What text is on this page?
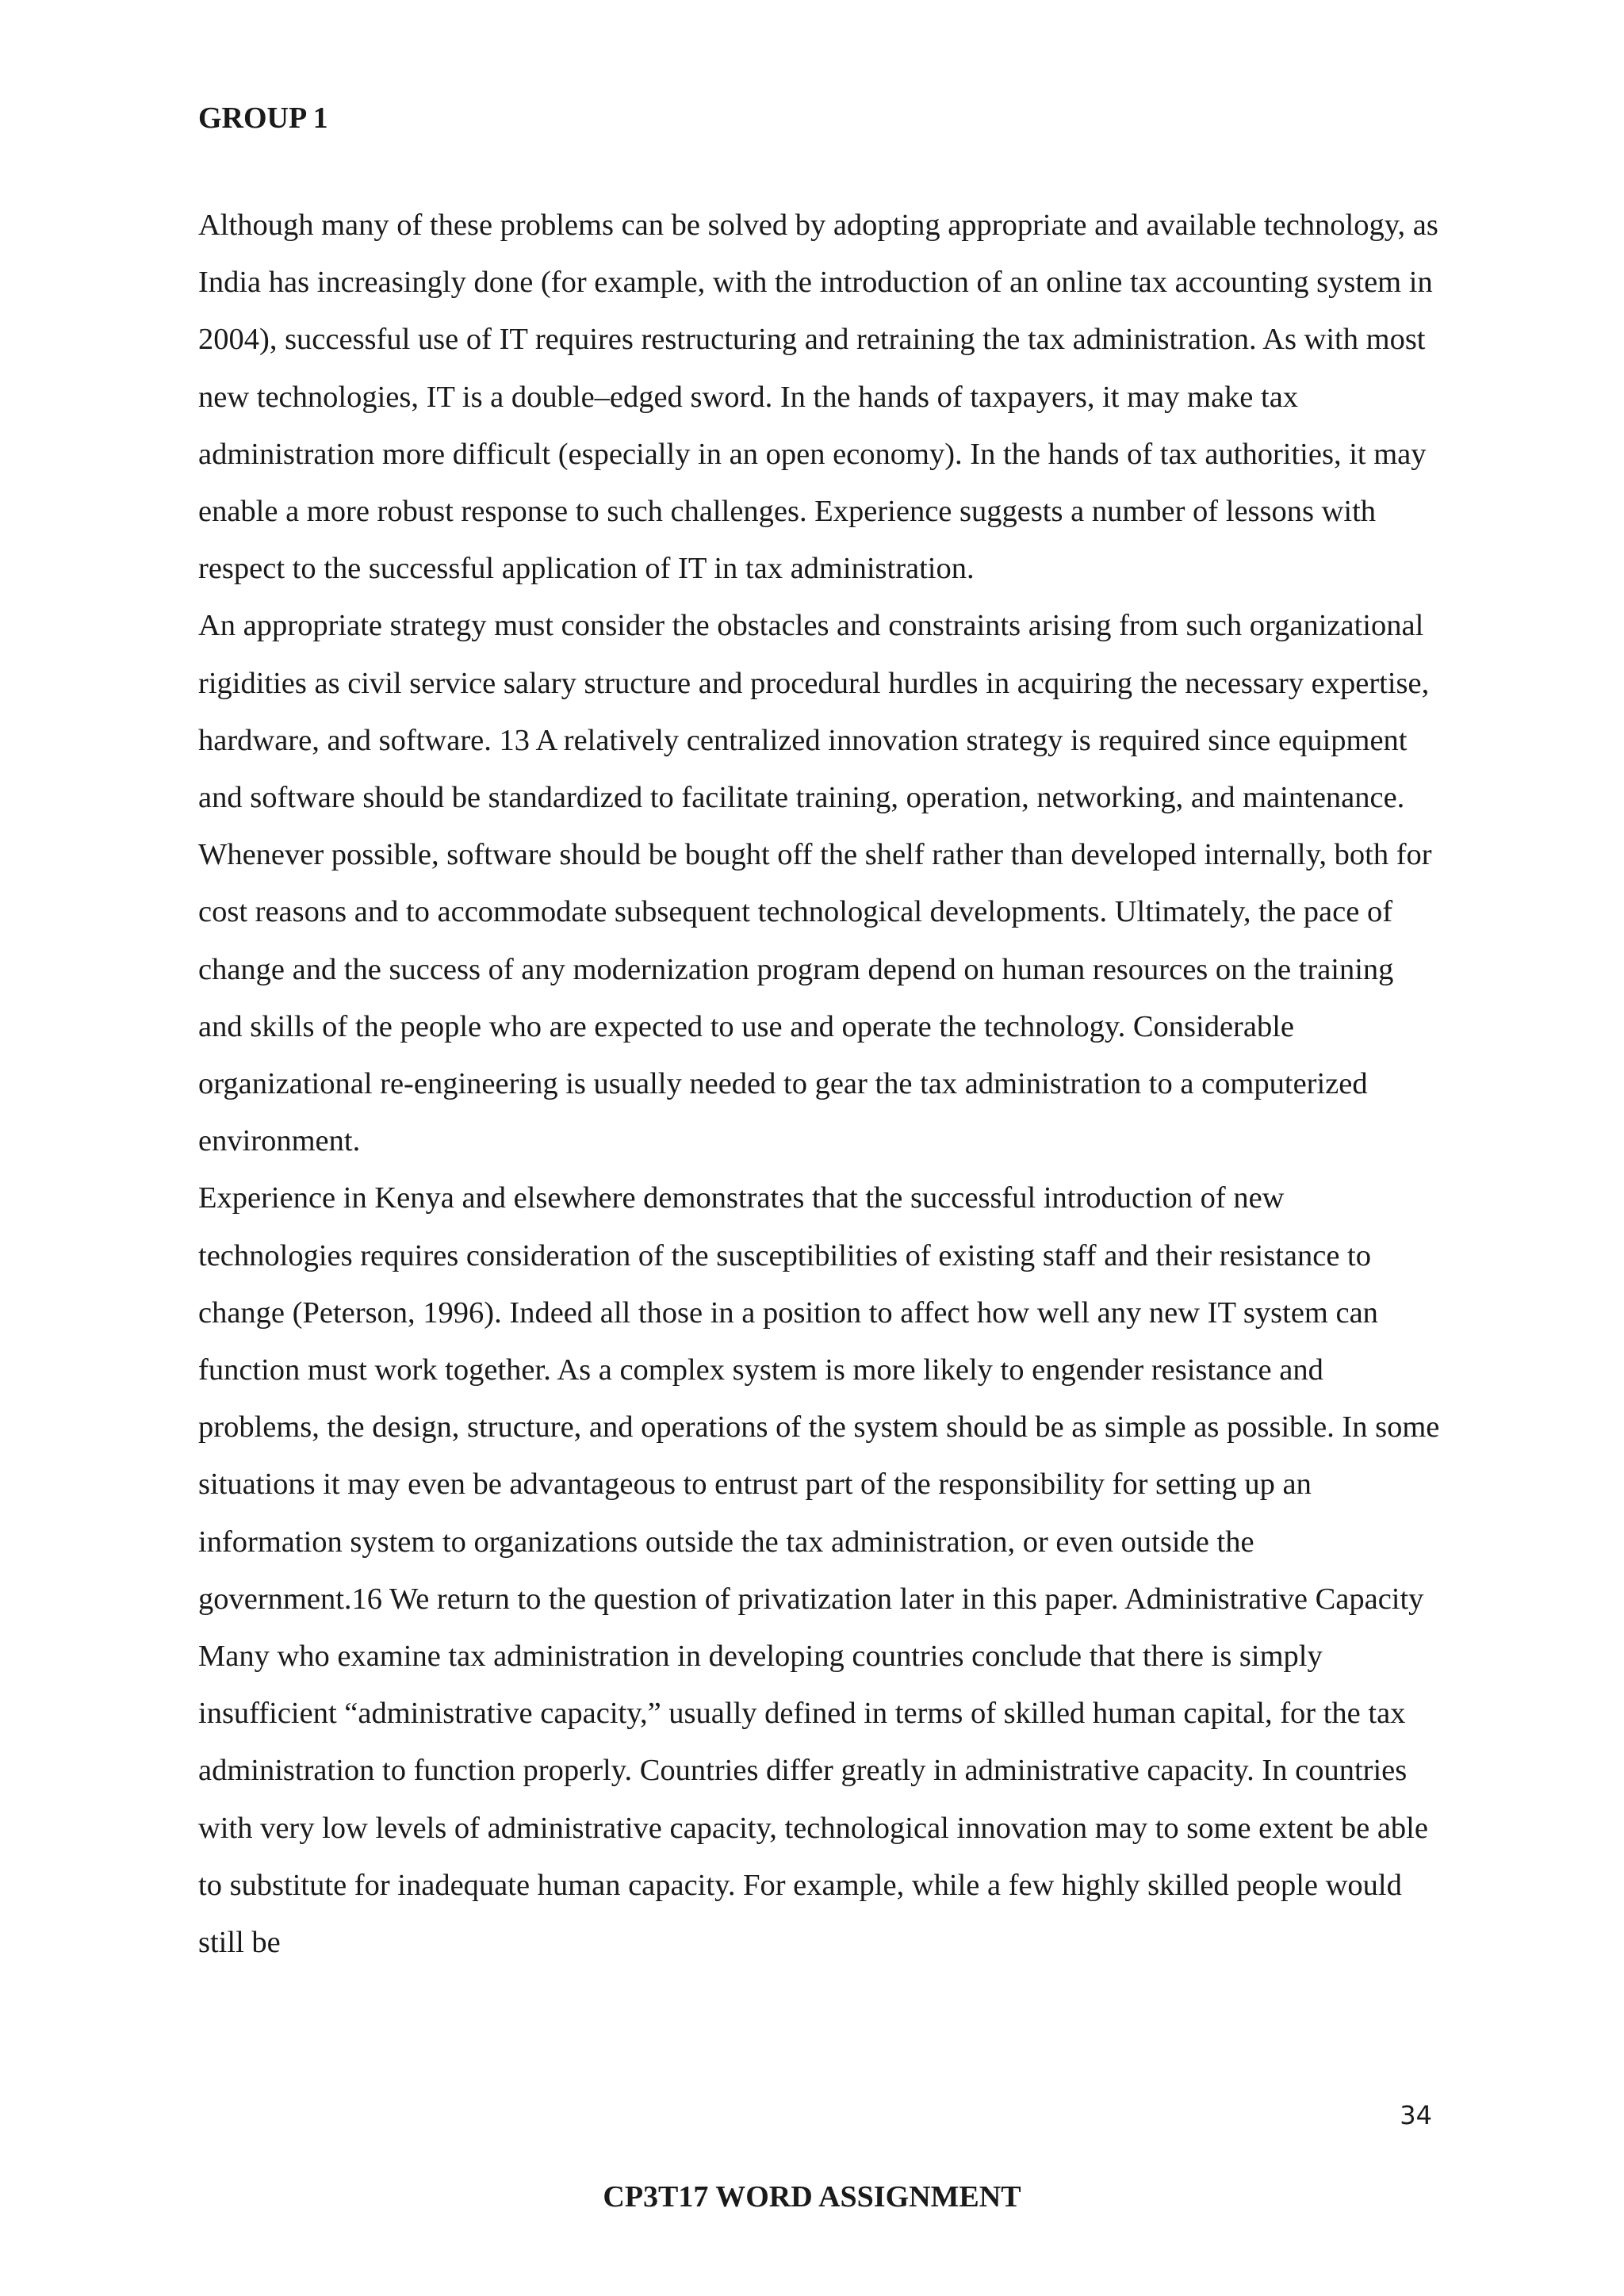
GROUP 1

Although many of these problems can be solved by adopting appropriate and available technology, as India has increasingly done (for example, with the introduction of an online tax accounting system in 2004), successful use of IT requires restructuring and retraining the tax administration. As with most new technologies, IT is a double–edged sword. In the hands of taxpayers, it may make tax administration more difficult (especially in an open economy). In the hands of tax authorities, it may enable a more robust response to such challenges. Experience suggests a number of lessons with respect to the successful application of IT in tax administration.

An appropriate strategy must consider the obstacles and constraints arising from such organizational rigidities as civil service salary structure and procedural hurdles in acquiring the necessary expertise, hardware, and software. 13 A relatively centralized innovation strategy is required since equipment and software should be standardized to facilitate training, operation, networking, and maintenance. Whenever possible, software should be bought off the shelf rather than developed internally, both for cost reasons and to accommodate subsequent technological developments. Ultimately, the pace of change and the success of any modernization program depend on human resources on the training and skills of the people who are expected to use and operate the technology. Considerable organizational re-engineering is usually needed to gear the tax administration to a computerized environment.

Experience in Kenya and elsewhere demonstrates that the successful introduction of new technologies requires consideration of the susceptibilities of existing staff and their resistance to change (Peterson, 1996). Indeed all those in a position to affect how well any new IT system can function must work together. As a complex system is more likely to engender resistance and problems, the design, structure, and operations of the system should be as simple as possible. In some situations it may even be advantageous to entrust part of the responsibility for setting up an information system to organizations outside the tax administration, or even outside the government.16 We return to the question of privatization later in this paper. Administrative Capacity Many who examine tax administration in developing countries conclude that there is simply insufficient “administrative capacity,” usually defined in terms of skilled human capital, for the tax administration to function properly. Countries differ greatly in administrative capacity. In countries with very low levels of administrative capacity, technological innovation may to some extent be able to substitute for inadequate human capacity. For example, while a few highly skilled people would still be

34
CP3T17 WORD ASSIGNMENT
